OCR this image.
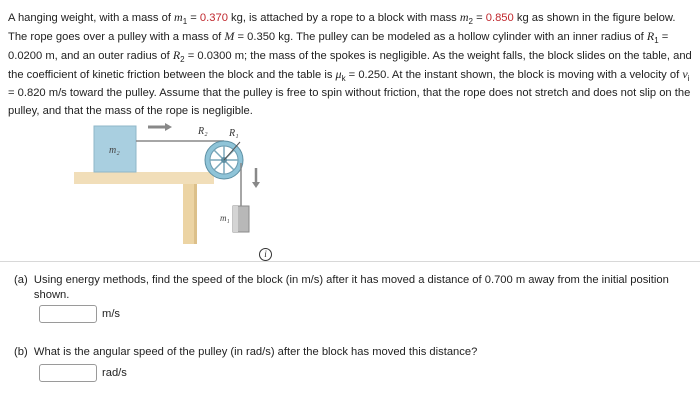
A hanging weight, with a mass of $m_1 = 0.370$ kg, is attached by a rope to a block with mass $m_2 = 0.850$ kg as shown in the figure below. The rope goes over a pulley with a mass of M = 0.350 kg. The pulley can be modeled as a hollow cylinder with an inner radius of $R_1 = 0.0200$ m, and an outer radius of $R_2 = 0.0300$ m; the mass of the spokes is negligible. As the weight falls, the block slides on the table, and the coefficient of kinetic friction between the block and the table is $\mu_k = 0.250$. At the instant shown, the block is moving with a velocity of $v_i = 0.820$ m/s toward the pulley. Assume that the pulley is free to spin without friction, that the rope does not stretch and does not slip on the pulley, and that the mass of the rope is negligible.
m₂
R₂ R₁
m₁
i
(a) Using energy methods, find the speed of the block (in m/s) after it has moved a distance of 0.700 m away from the initial position shown.
m/s
(b) What is the angular speed of the pulley (in rad/s) after the block has moved this distance?
rad/s
